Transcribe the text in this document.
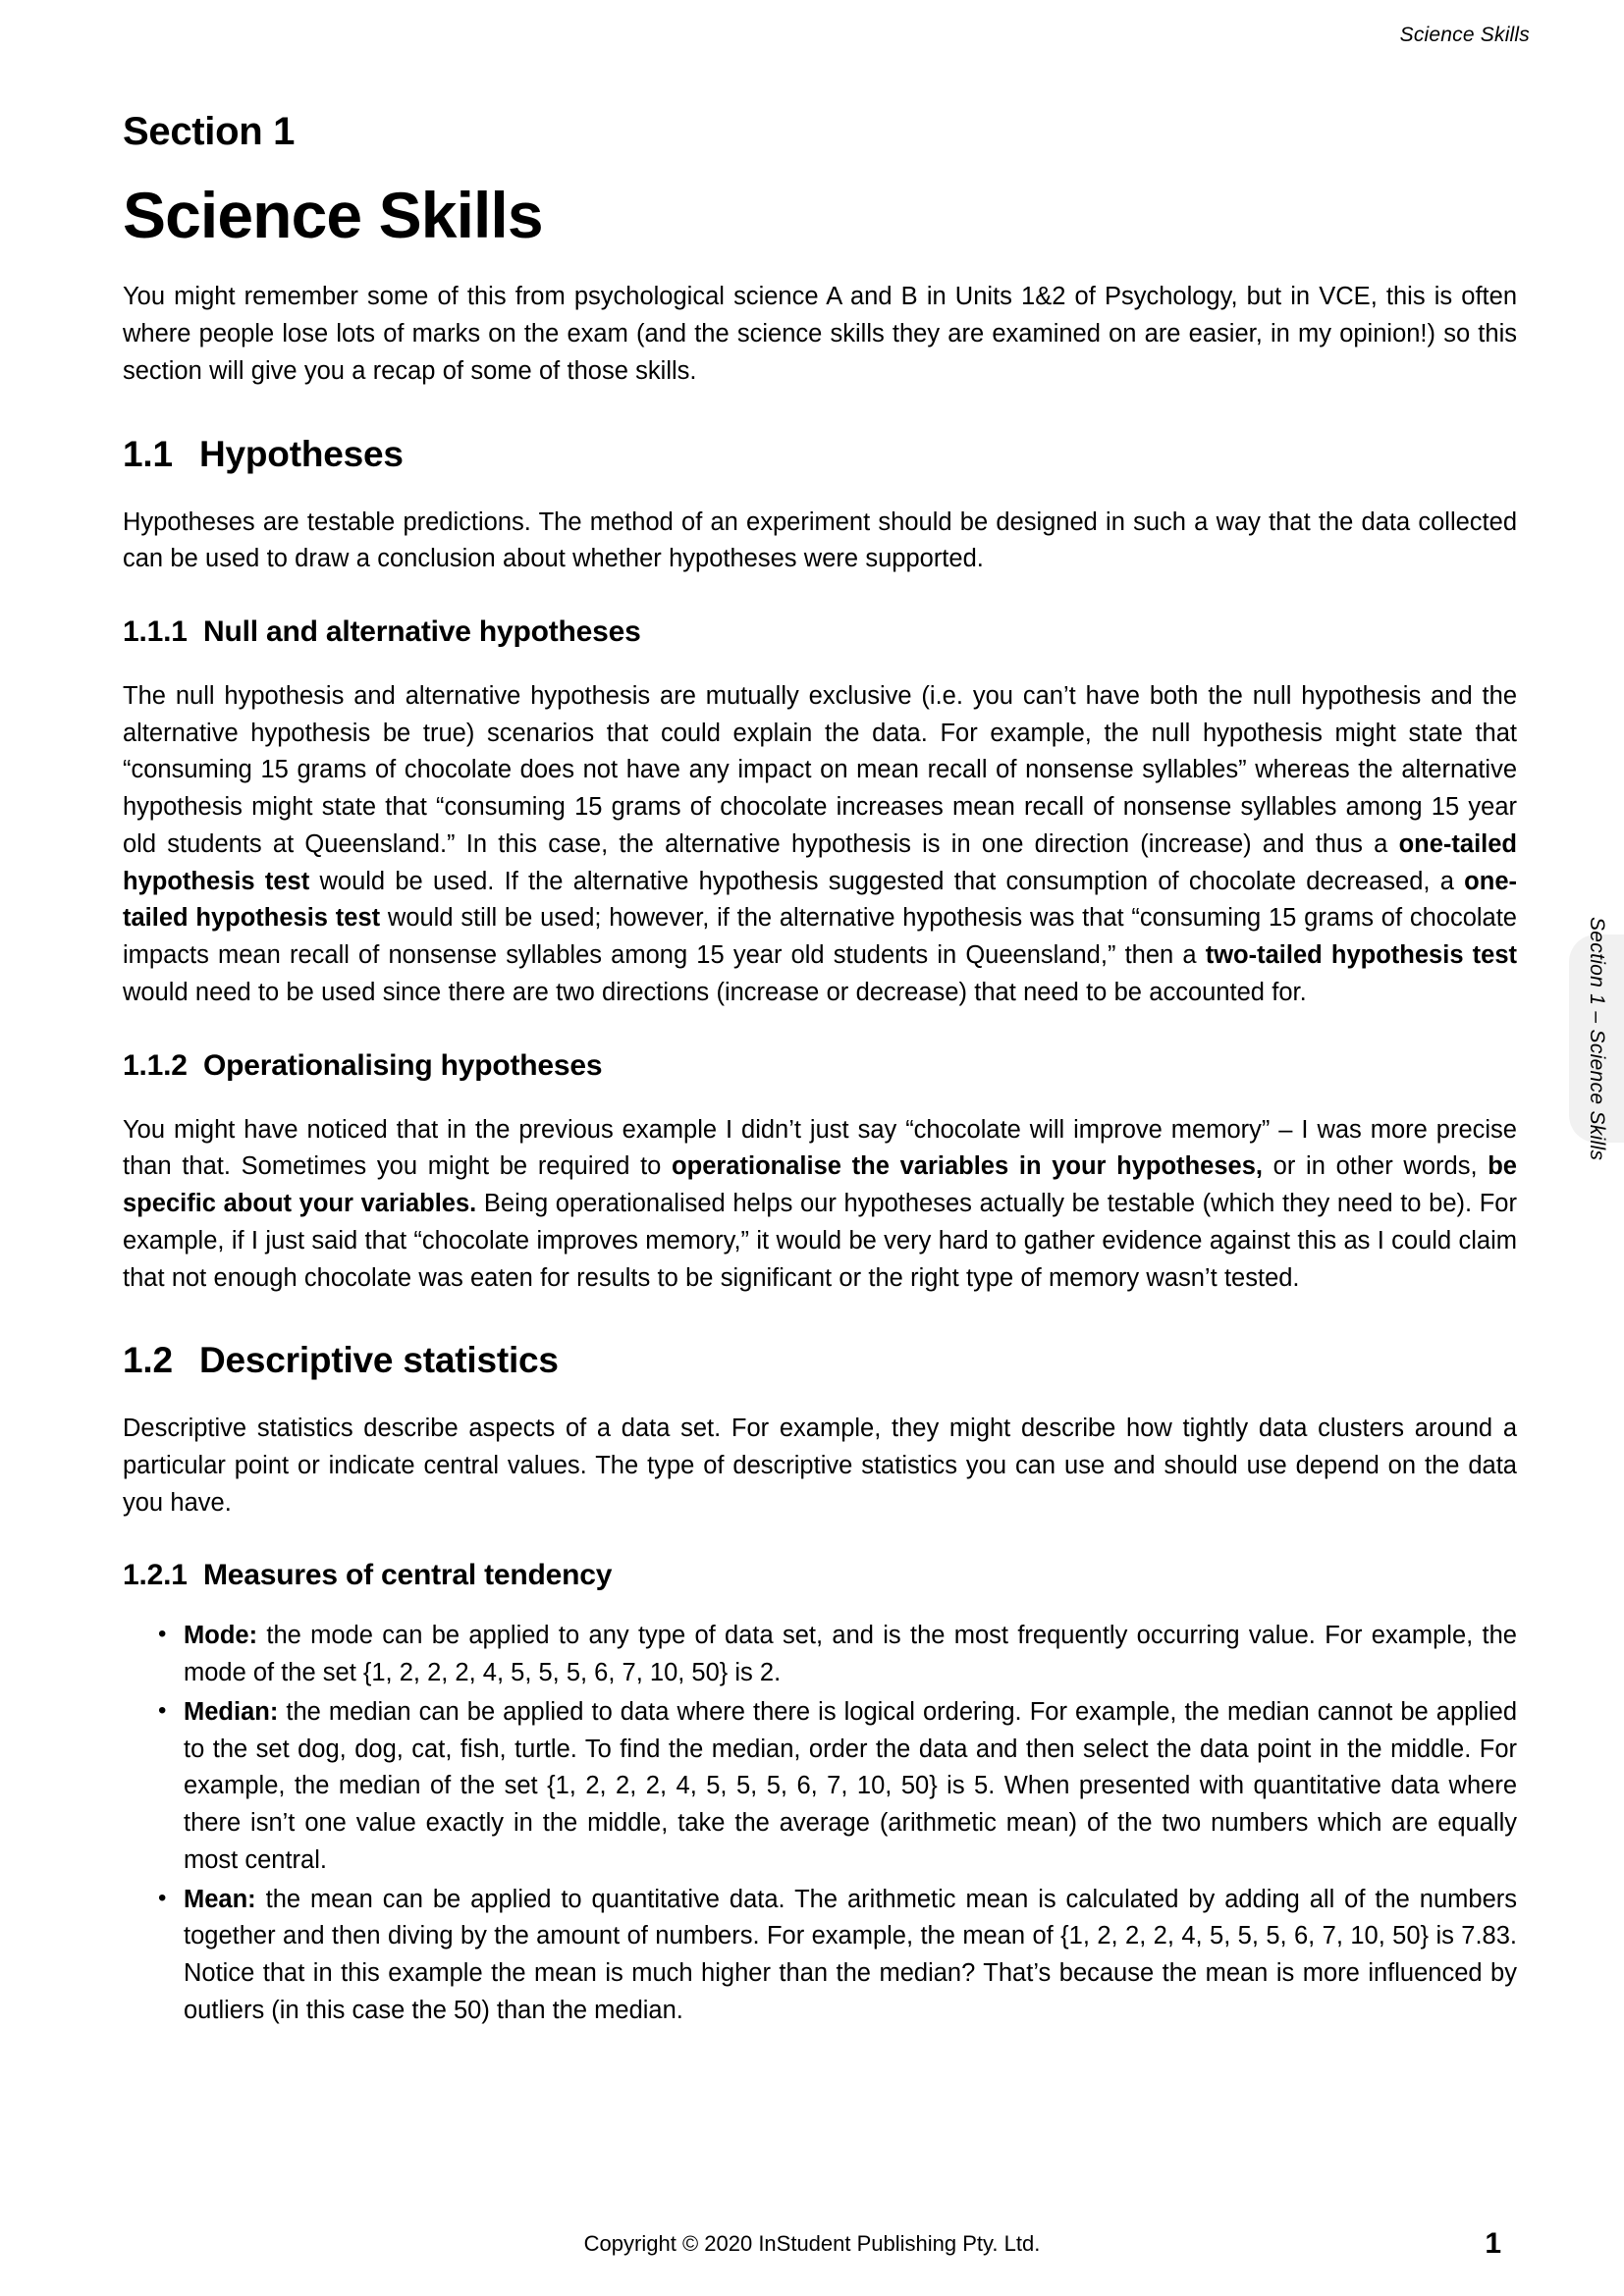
Science Skills
Section 1 – Science Skills
Section 1
Science Skills

You might remember some of this from psychological science A and B in Units 1&2 of Psychology, but in VCE, this is often where people lose lots of marks on the exam (and the science skills they are examined on are easier, in my opinion!) so this section will give you a recap of some of those skills.

1.1 Hypotheses

Hypotheses are testable predictions. The method of an experiment should be designed in such a way that the data collected can be used to draw a conclusion about whether hypotheses were supported.

1.1.1 Null and alternative hypotheses

The null hypothesis and alternative hypothesis are mutually exclusive (i.e. you can’t have both the null hypothesis and the alternative hypothesis be true) scenarios that could explain the data. For example, the null hypothesis might state that “consuming 15 grams of chocolate does not have any impact on mean recall of nonsense syllables” whereas the alternative hypothesis might state that “consuming 15 grams of chocolate increases mean recall of nonsense syllables among 15 year old students at Queensland.” In this case, the alternative hypothesis is in one direction (increase) and thus a one-tailed hypothesis test would be used. If the alternative hypothesis suggested that consumption of chocolate decreased, a one-tailed hypothesis test would still be used; however, if the alternative hypothesis was that “consuming 15 grams of chocolate impacts mean recall of nonsense syllables among 15 year old students in Queensland,” then a two-tailed hypothesis test would need to be used since there are two directions (increase or decrease) that need to be accounted for.

1.1.2 Operationalising hypotheses

You might have noticed that in the previous example I didn’t just say “chocolate will improve memory” – I was more precise than that. Sometimes you might be required to operationalise the variables in your hypotheses, or in other words, be specific about your variables. Being operationalised helps our hypotheses actually be testable (which they need to be). For example, if I just said that “chocolate improves memory,” it would be very hard to gather evidence against this as I could claim that not enough chocolate was eaten for results to be significant or the right type of memory wasn’t tested.

1.2 Descriptive statistics

Descriptive statistics describe aspects of a data set. For example, they might describe how tightly data clusters around a particular point or indicate central values. The type of descriptive statistics you can use and should use depend on the data you have.

1.2.1 Measures of central tendency
• Mode: the mode can be applied to any type of data set, and is the most frequently occurring value. For example, the mode of the set {1, 2, 2, 2, 4, 5, 5, 5, 6, 7, 10, 50} is 2.
• Median: the median can be applied to data where there is logical ordering. For example, the median cannot be applied to the set dog, dog, cat, fish, turtle. To find the median, order the data and then select the data point in the middle. For example, the median of the set {1, 2, 2, 2, 4, 5, 5, 5, 6, 7, 10, 50} is 5. When presented with quantitative data where there isn’t one value exactly in the middle, take the average (arithmetic mean) of the two numbers which are equally most central.
• Mean: the mean can be applied to quantitative data. The arithmetic mean is calculated by adding all of the numbers together and then diving by the amount of numbers. For example, the mean of {1, 2, 2, 2, 4, 5, 5, 5, 6, 7, 10, 50} is 7.83. Notice that in this example the mean is much higher than the median? That’s because the mean is more influenced by outliers (in this case the 50) than the median.
Copyright © 2020 InStudent Publishing Pty. Ltd.	1
